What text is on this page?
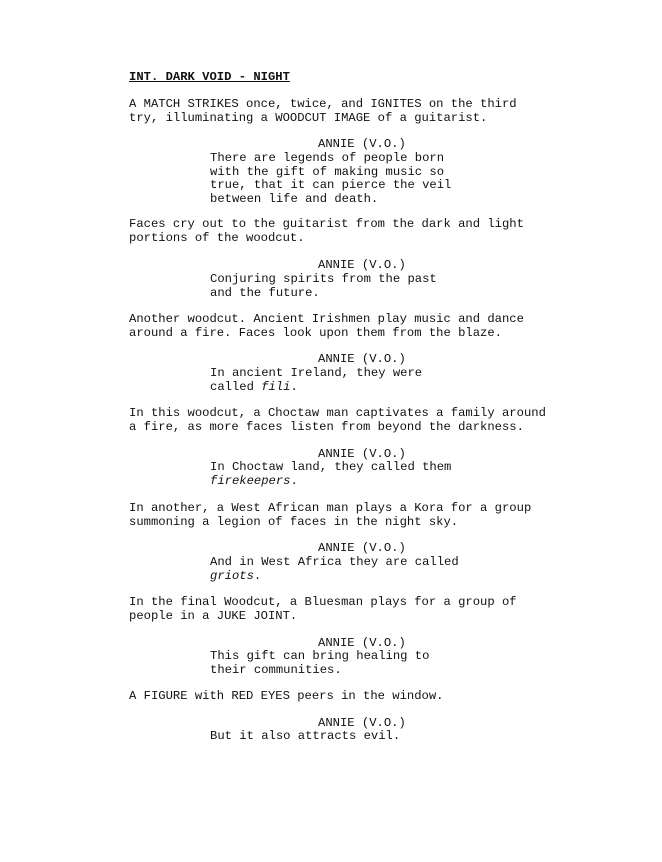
INT. DARK VOID - NIGHT
A MATCH STRIKES once, twice, and IGNITES on the third
try, illuminating a WOODCUT IMAGE of a guitarist.
ANNIE (V.O.)
There are legends of people born
with the gift of making music so
true, that it can pierce the veil
between life and death.
Faces cry out to the guitarist from the dark and light
portions of the woodcut.
ANNIE (V.O.)
Conjuring spirits from the past
and the future.
Another woodcut. Ancient Irishmen play music and dance
around a fire. Faces look upon them from the blaze.
ANNIE (V.O.)
In ancient Ireland, they were
called fili.
In this woodcut, a Choctaw man captivates a family around
a fire, as more faces listen from beyond the darkness.
ANNIE (V.O.)
In Choctaw land, they called them
firekeepers.
In another, a West African man plays a Kora for a group
summoning a legion of faces in the night sky.
ANNIE (V.O.)
And in West Africa they are called
griots.
In the final Woodcut, a Bluesman plays for a group of
people in a JUKE JOINT.
ANNIE (V.O.)
This gift can bring healing to
their communities.
A FIGURE with RED EYES peers in the window.
ANNIE (V.O.)
But it also attracts evil.
